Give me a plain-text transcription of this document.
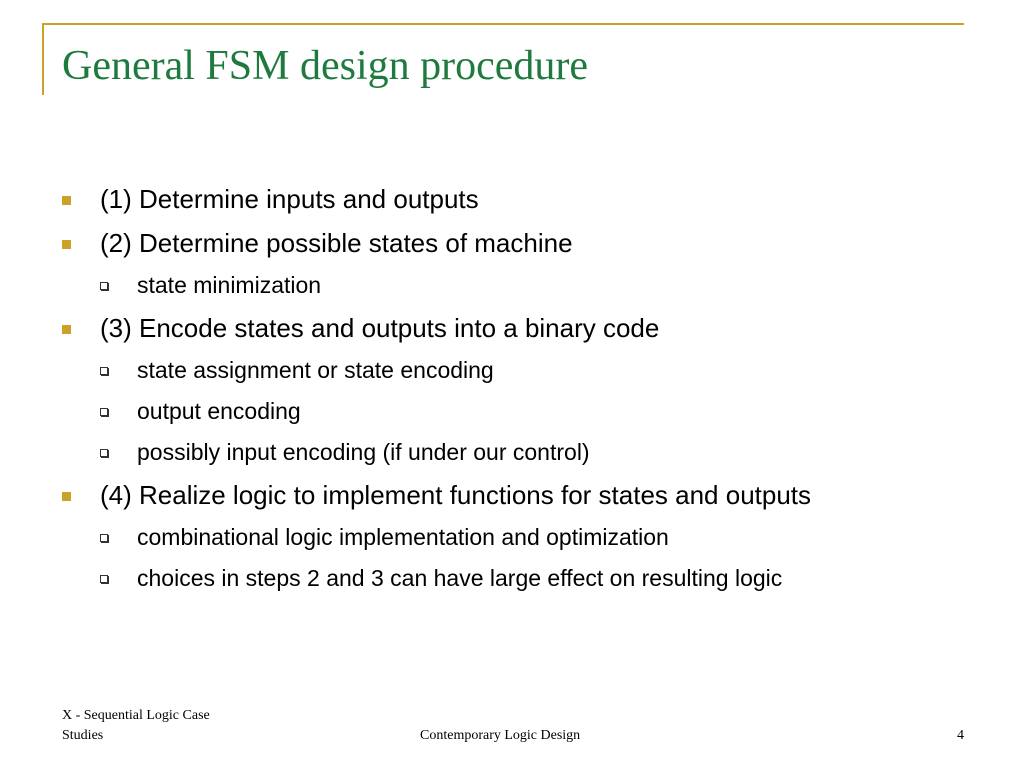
General FSM design procedure
(1) Determine inputs and outputs
(2) Determine possible states of machine
state minimization
(3) Encode states and outputs into a binary code
state assignment or state encoding
output encoding
possibly input encoding (if under our control)
(4) Realize logic to implement functions for states and outputs
combinational logic implementation and optimization
choices in steps 2 and 3 can have large effect on resulting logic
X - Sequential Logic Case
Studies	Contemporary Logic Design	4
